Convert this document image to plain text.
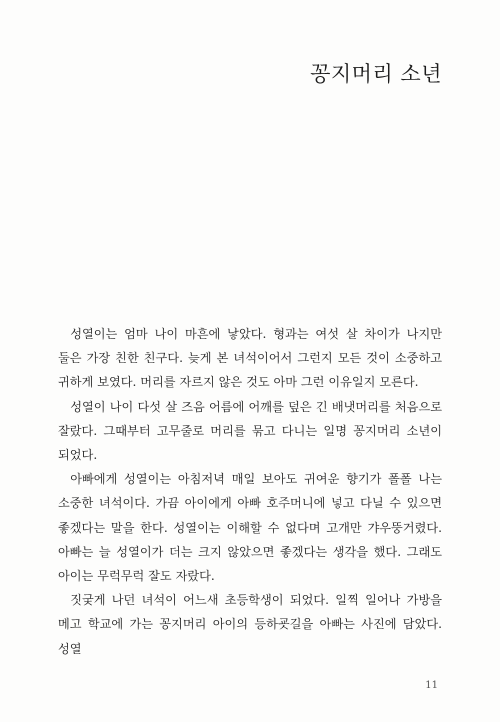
꽁지머리 소년

성열이는 엄마 나이 마흔에 낳았다. 형과는 여섯 살 차이가 나지만 둘은 가장 친한 친구다. 늦게 본 녀석이어서 그런지 모든 것이 소중하고 귀하게 보였다. 머리를 자르지 않은 것도 아마 그런 이유일지 모른다.

성열이 나이 다섯 살 즈음 어름에 어깨를 덮은 긴 배냇머리를 처음으로 잘랐다. 그때부터 고무줄로 머리를 묶고 다니는 일명 꽁지머리 소년이 되었다.

아빠에게 성열이는 아침저녁 매일 보아도 귀여운 향기가 폴폴 나는 소중한 녀석이다. 가끔 아이에게 아빠 호주머니에 넣고 다닐 수 있으면 좋겠다는 말을 한다. 성열이는 이해할 수 없다며 고개만 갸우뚱거렸다. 아빠는 늘 성열이가 더는 크지 않았으면 좋겠다는 생각을 했다. 그래도 아이는 무럭무럭 잘도 자랐다.

짓궂게 나던 녀석이 어느새 초등학생이 되었다. 일찍 일어나 가방을 메고 학교에 가는 꽁지머리 아이의 등하굣길을 아빠는 사진에 담았다. 성열

11
